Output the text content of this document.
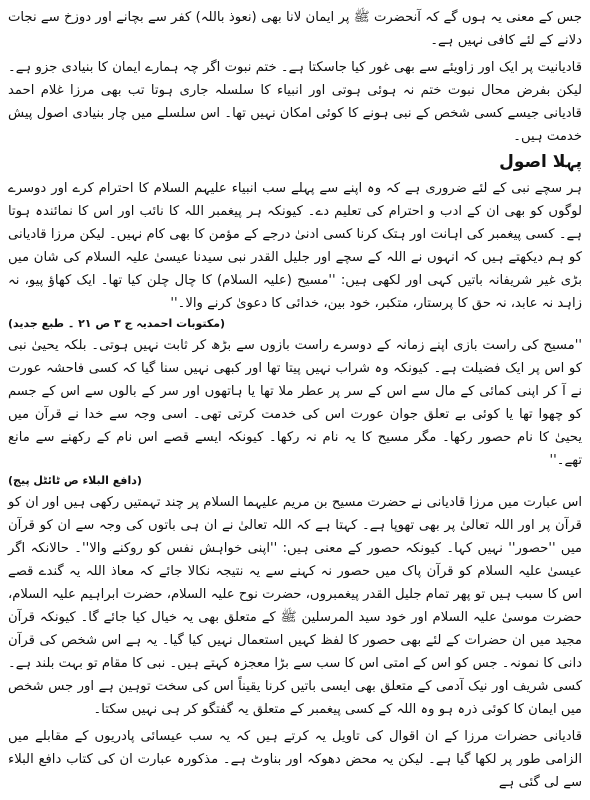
جس کے معنی یہ ہوں گے کہ آنحضرت ﷺ پر ایمان لانا بھی (نعوذ باللہ) کفر سے بچانے اور دوزخ سے نجات دلانے کے لئے کافی نہیں ہے۔

قادیانیت پر ایک اور زاویئے سے بھی غور کیا جاسکتا ہے۔ ختم نبوت اگر چہ ہمارے ایمان کا بنیادی جزو ہے۔ لیکن بفرض محال نبوت ختم نہ ہوئی ہوتی اور انبیاء کا سلسلہ جاری ہوتا تب بھی مرزا غلام احمد قادیانی جیسے کسی شخص کے نبی ہونے کا کوئی امکان نہیں تھا۔ اس سلسلے میں چار بنیادی اصول پیش خدمت ہیں۔

پہلا اصول

ہر سچے نبی کے لئے ضروری ہے کہ وہ اپنے سے پہلے سب انبیاء علیہم السلام کا احترام کرے اور دوسرے لوگوں کو بھی ان کے ادب و احترام کی تعلیم دے۔ کیونکہ ہر پیغمبر اللہ کا نائب اور اس کا نمائندہ ہوتا ہے۔ کسی پیغمبر کی اہانت اور ہتک کرنا کسی ادنیٰ درجے کے مؤمن کا بھی کام نہیں۔ لیکن مرزا قادیانی کو ہم دیکھتے ہیں کہ انہوں نے اللہ کے سچے اور جلیل القدر نبی سیدنا عیسیٰ علیہ السلام کی شان میں بڑی غیر شریفانہ باتیں کہی اور لکھی ہیں: ''مسیح (علیہ السلام) کا چال چلن کیا تھا۔ ایک کھاؤ پیو، نہ زاہد نہ عابد، نہ حق کا پرستار، متکبر، خود بین، خدائی کا دعویٰ کرنے والا۔''

(مکتوبات احمدیہ ج ۳ ص ۲۱ ۔ طبع جدید)

''مسیح کی راست بازی اپنے زمانہ کے دوسرے راست بازوں سے بڑھ کر ثابت نہیں ہوتی۔ بلکہ یحییٰ نبی کو اس پر ایک فضیلت ہے۔ کیونکہ وہ شراب نہیں پیتا تھا اور کبھی نہیں سنا گیا کہ کسی فاحشہ عورت نے آ کر اپنی کمائی کے مال سے اس کے سر پر عطر ملا تھا یا ہاتھوں اور سر کے بالوں سے اس کے جسم کو چھوا تھا یا کوئی بے تعلق جوان عورت اس کی خدمت کرتی تھی۔ اسی وجہ سے خدا نے قرآن میں یحییٰ کا نام حصور رکھا۔ مگر مسیح کا یہ نام نہ رکھا۔ کیونکہ ایسے قصے اس نام کے رکھنے سے مانع تھے۔''

(دافع البلاء ص ٹائٹل پیج)

اس عبارت میں مرزا قادیانی نے حضرت مسیح بن مریم علیہما السلام پر چند تہمتیں رکھی ہیں اور ان کو قرآن پر اور اللہ تعالیٰ پر بھی تھوپا ہے۔ کہتا ہے کہ اللہ تعالیٰ نے ان ہی باتوں کی وجہ سے ان کو قرآن میں ''حصور'' نہیں کہا۔ کیونکہ حصور کے معنی ہیں: ''اپنی خواہش نفس کو روکنے والا''۔ حالانکہ اگر عیسیٰ علیہ السلام کو قرآن پاک میں حصور نہ کہنے سے یہ نتیجہ نکالا جائے کہ معاذ اللہ یہ گندے قصے اس کا سبب ہیں تو پھر تمام جلیل القدر پیغمبروں، حضرت نوح علیہ السلام، حضرت ابراہیم علیہ السلام، حضرت موسیٰ علیہ السلام اور خود سید المرسلین ﷺ کے متعلق بھی یہ خیال کیا جائے گا۔ کیونکہ قرآن مجید میں ان حضرات کے لئے بھی حصور کا لفظ کہیں استعمال نہیں کیا گیا۔ یہ ہے اس شخص کی قرآن دانی کا نمونہ۔ جس کو اس کے امتی اس کا سب سے بڑا معجزہ کہتے ہیں۔ نبی کا مقام تو بہت بلند ہے۔ کسی شریف اور نیک آدمی کے متعلق بھی ایسی باتیں کرنا یقیناً اس کی سخت توہین ہے اور جس شخص میں ایمان کا کوئی ذرہ ہو وہ اللہ کے کسی پیغمبر کے متعلق یہ گفتگو کر ہی نہیں سکتا۔

قادیانی حضرات مرزا کے ان اقوال کی تاویل یہ کرتے ہیں کہ یہ سب عیسائی پادریوں کے مقابلے میں الزامی طور پر لکھا گیا ہے۔ لیکن یہ محض دھوکہ اور بناوٹ ہے۔ مذکورہ عبارت ان کی کتاب دافع البلاء سے لی گئی ہے
